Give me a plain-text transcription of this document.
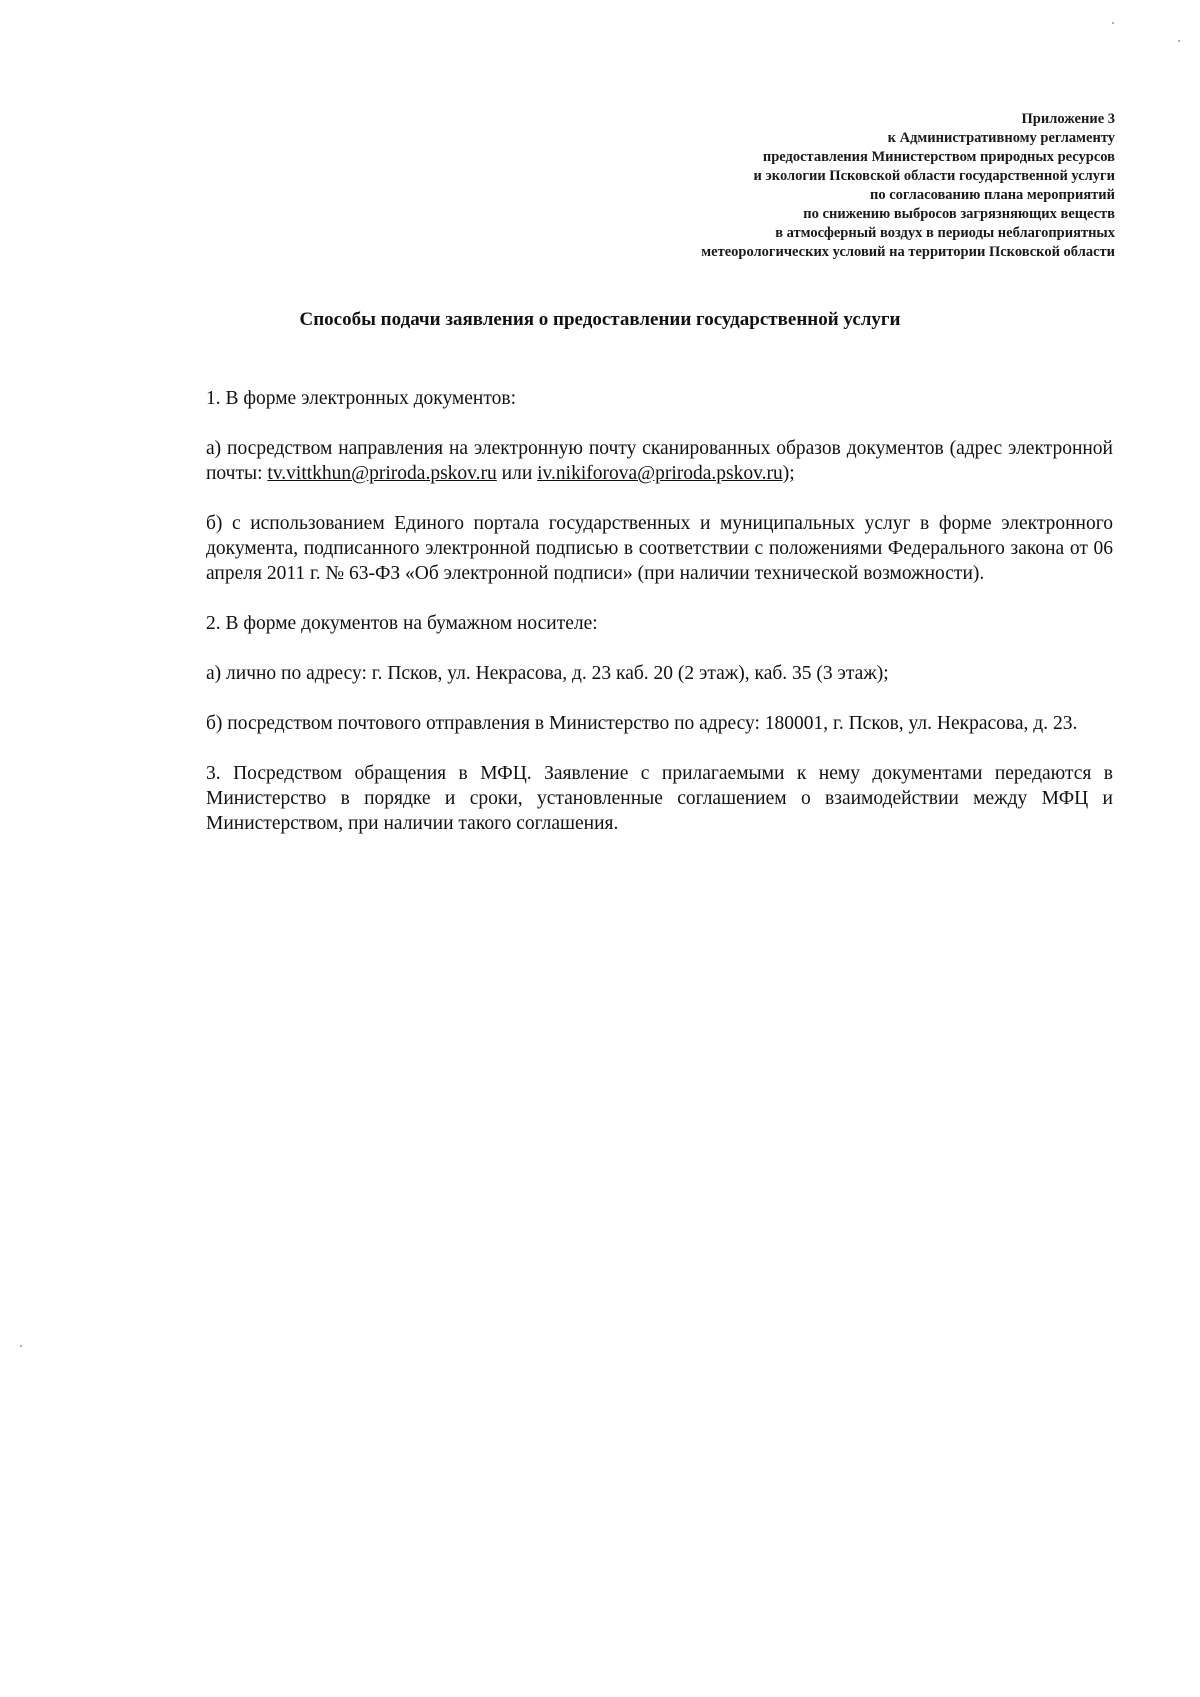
Приложение 3
к Административному регламенту
предоставления Министерством природных ресурсов
и экологии Псковской области государственной услуги
по согласованию плана мероприятий
по снижению выбросов загрязняющих веществ
в атмосферный воздух в периоды неблагоприятных
метеорологических условий на территории Псковской области
Способы подачи заявления о предоставлении государственной услуги

1. В форме электронных документов:

а) посредством направления на электронную почту сканированных образов документов (адрес электронной почты: tv.vittkhun@priroda.pskov.ru или iv.nikiforova@priroda.pskov.ru);

б) с использованием Единого портала государственных и муниципальных услуг в форме электронного документа, подписанного электронной подписью в соответствии с положениями Федерального закона от 06 апреля 2011 г. № 63-ФЗ «Об электронной подписи» (при наличии технической возможности).

2. В форме документов на бумажном носителе:

а) лично по адресу: г. Псков, ул. Некрасова, д. 23 каб. 20 (2 этаж), каб. 35 (3 этаж);

б) посредством почтового отправления в Министерство по адресу: 180001, г. Псков, ул. Некрасова, д. 23.

3. Посредством обращения в МФЦ. Заявление с прилагаемыми к нему документами передаются в Министерство в порядке и сроки, установленные соглашением о взаимодействии между МФЦ и Министерством, при наличии такого соглашения.
